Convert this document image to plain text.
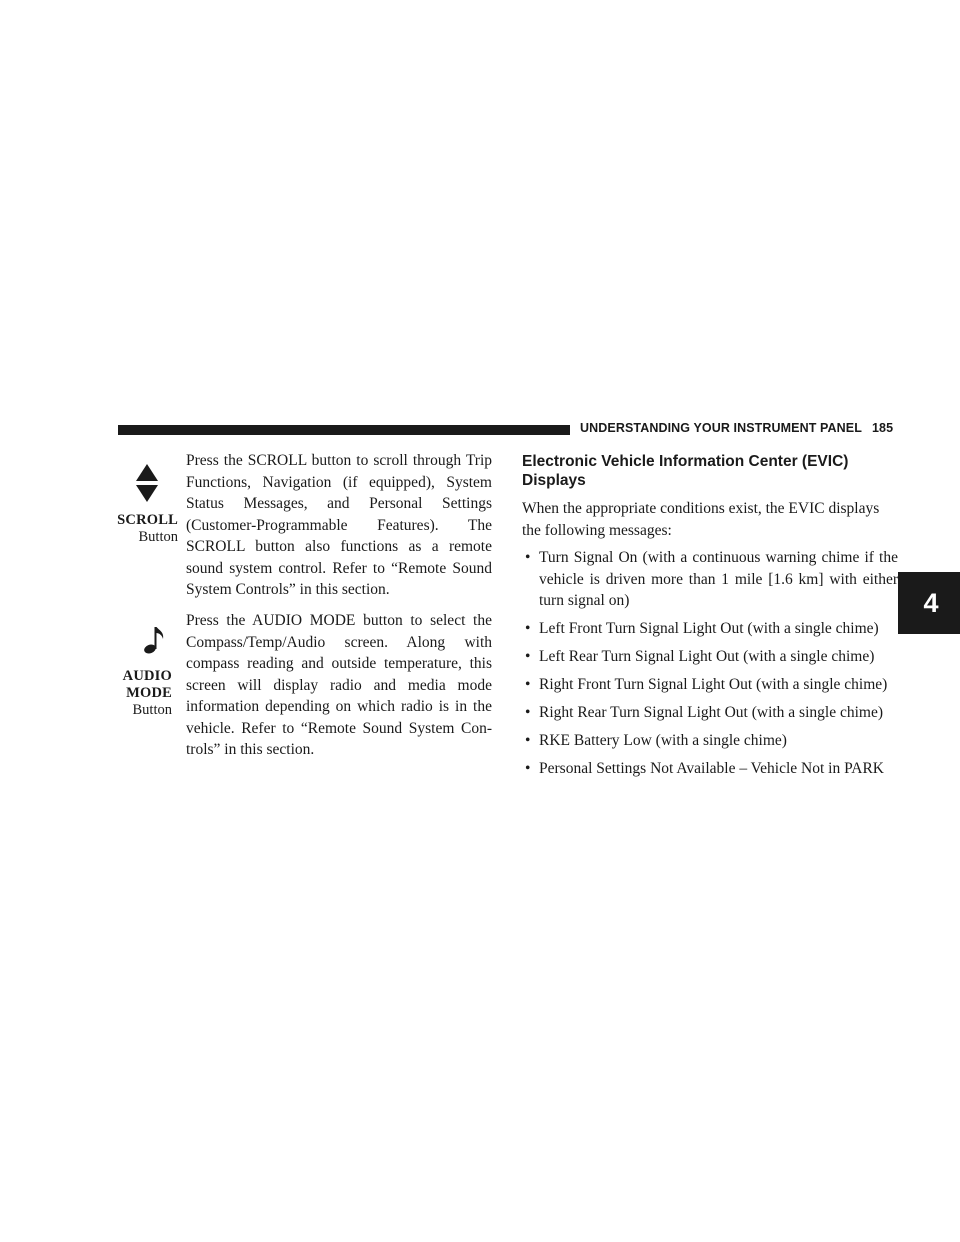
UNDERSTANDING YOUR INSTRUMENT PANEL 185
4
SCROLL
Button

Press the SCROLL button to scroll through Trip Functions, Navigation (if equipped), System Status Messages, and Personal Settings (Customer-Programmable Features). The SCROLL button also functions as a remote sound system control. Refer to “Remote Sound System Controls” in this section.

AUDIO
MODE
Button

Press the AUDIO MODE button to select the Compass/Temp/Audio screen. Along with compass reading and outside temperature, this screen will display radio and media mode information depending on which radio is in the vehicle. Refer to “Remote Sound System Con-trols” in this section.

Electronic Vehicle Information Center (EVIC) Displays

When the appropriate conditions exist, the EVIC displays the following messages:

• Turn Signal On (with a continuous warning chime if the vehicle is driven more than 1 mile [1.6 km] with either turn signal on)
• Left Front Turn Signal Light Out (with a single chime)
• Left Rear Turn Signal Light Out (with a single chime)
• Right Front Turn Signal Light Out (with a single chime)
• Right Rear Turn Signal Light Out (with a single chime)
• RKE Battery Low (with a single chime)
• Personal Settings Not Available – Vehicle Not in PARK
